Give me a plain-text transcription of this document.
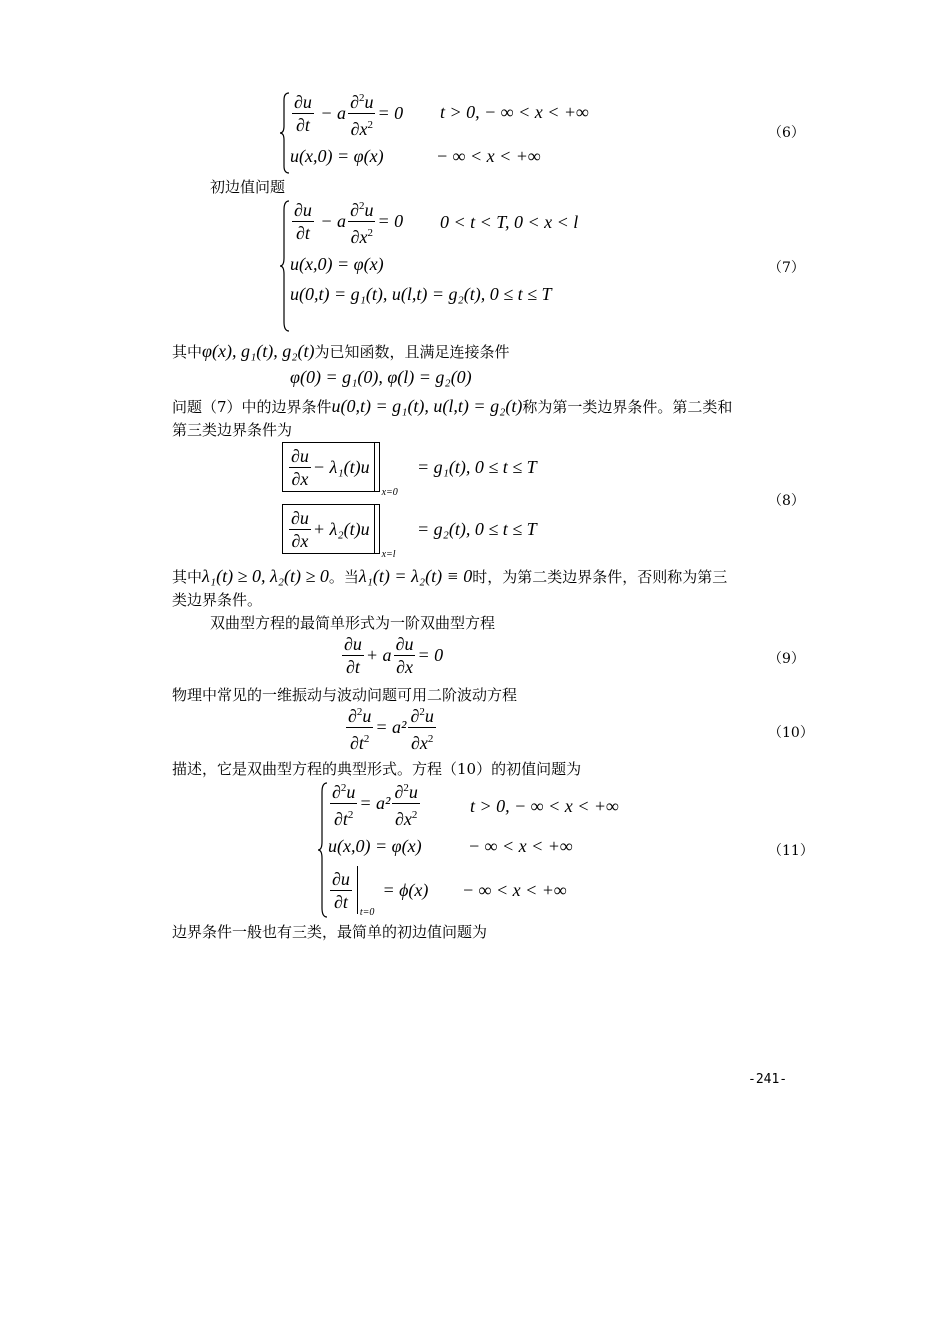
$\frac{\partial u}{\partial t} - a \frac{\partial^2u}{\partial x^2} = 0$ t > 0, − ∞ < x < +∞
u(x,0) = φ(x)	− ∞ < x < +∞
（6）
初边值问题
$\frac{\partial u}{\partial t} - a \frac{\partial^2u}{\partial x^2} = 0$ 0 < t < T, 0 < x < l
u(x,0) = φ(x)
u(0,t) = g₁(t), u(l,t) = g₂(t), 0 ≤ t ≤ T
（7）
其中φ(x), g₁(t), g₂(t)为已知函数，且满足连接条件
φ(0) = g₁(0), φ(l) = g₂(0)
问题（7）中的边界条件u(0,t) = g₁(t), u(l,t) = g₂(t)称为第一类边界条件。第二类和
第三类边界条件为
$\frac{\partial u}{\partial x} - \lambda_1(t)u$
x=0
= g₁(t), 0 ≤ t ≤ T
$\frac{\partial u}{\partial x} + \lambda_2(t)u$
x=l
= g₂(t), 0 ≤ t ≤ T
（8）
其中λ₁(t) ≥ 0, λ₂(t) ≥ 0。当λ₁(t) = λ₂(t) ≡ 0时，为第二类边界条件，否则称为第三
类边界条件。
双曲型方程的最简单形式为一阶双曲型方程
$\frac{\partial u}{\partial t} + a \frac{\partial u}{\partial x} = 0$	（9）
物理中常见的一维振动与波动问题可用二阶波动方程
$\frac{\partial^2u}{\partial t^2} = a^2 \frac{\partial^2u}{\partial x^2}$	（10）
描述，它是双曲型方程的典型形式。方程（10）的初值问题为
$\frac{\partial^2u}{\partial t^2} = a^2 \frac{\partial^2u}{\partial x^2}$	t > 0, − ∞ < x < +∞
u(x,0) = φ(x)	− ∞ < x < +∞
$\frac{\partial u}{\partial t} t=0$
= ϕ(x) − ∞ < x < +∞
（11）
边界条件一般也有三类，最简单的初边值问题为
-241-
